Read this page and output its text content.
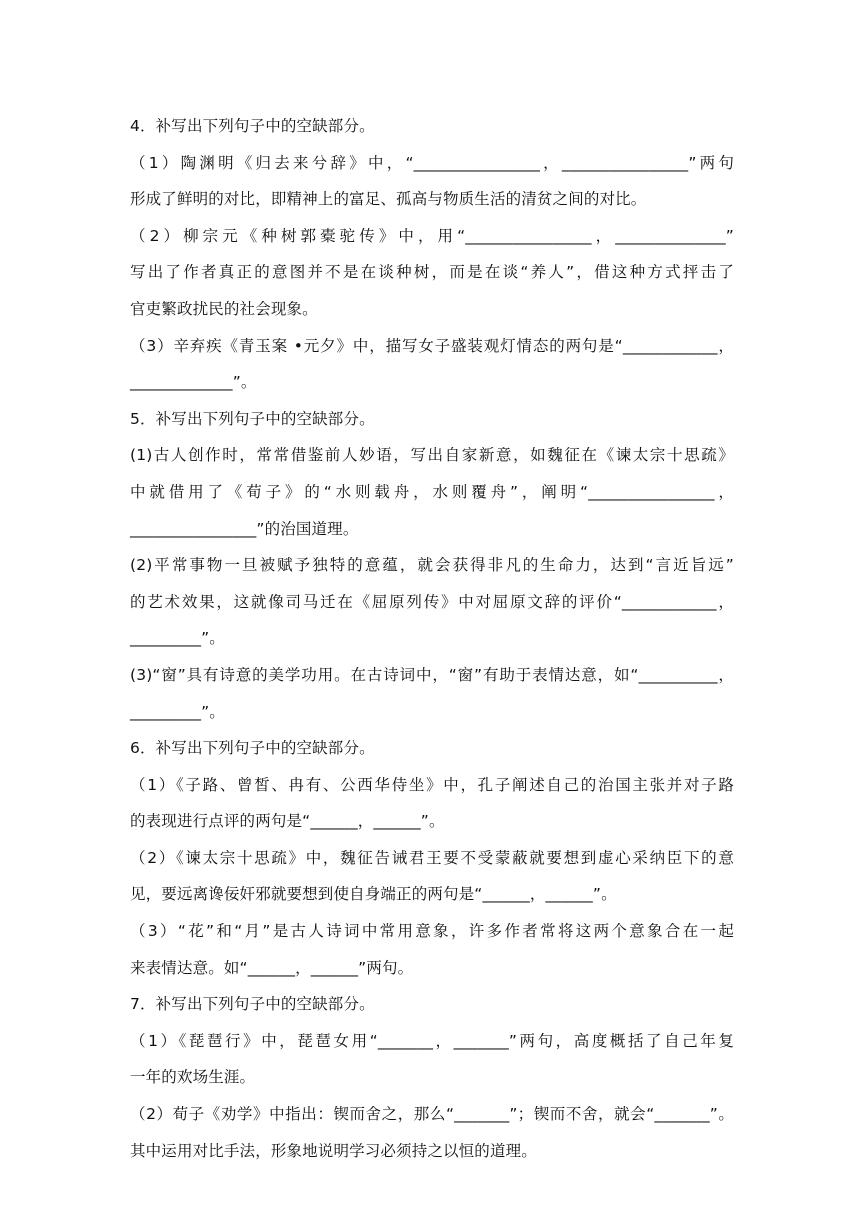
4．补写出下列句子中的空缺部分。

（1）陶渊明《归去来兮辞》中，“________________，________________”两句

形成了鲜明的对比，即精神上的富足、孤高与物质生活的清贫之间的对比。

（2）柳宗元《种树郭橐驼传》中，用“________________，______________”

写出了作者真正的意图并不是在谈种树，而是在谈“养人”，借这种方式抨击了

官吏繁政扰民的社会现象。

（3）辛弃疾《青玉案 •元夕》中，描写女子盛装观灯情态的两句是“____________，

_____________”。

5．补写出下列句子中的空缺部分。

(1)古人创作时，常常借鉴前人妙语，写出自家新意，如魏征在《谏太宗十思疏》

中就借用了《荀子》的“水则载舟，水则覆舟”，阐明“________________，

________________”的治国道理。

(2)平常事物一旦被赋予独特的意蕴，就会获得非凡的生命力，达到“言近旨远”

的艺术效果，这就像司马迁在《屈原列传》中对屈原文辞的评价“____________，

_________”。

(3)“窗”具有诗意的美学功用。在古诗词中，“窗”有助于表情达意，如“__________，

_________”。

6．补写出下列句子中的空缺部分。

（1）《子路、曾皙、冉有、公西华侍坐》中，孔子阐述自己的治国主张并对子路

的表现进行点评的两句是“______，______”。

（2）《谏太宗十思疏》中，魏征告诫君王要不受蒙蔽就要想到虚心采纳臣下的意

见，要远离谗佞奸邪就要想到使自身端正的两句是“______，______”。

（3）“花”和“月”是古人诗词中常用意象，许多作者常将这两个意象合在一起

来表情达意。如“______，______”两句。

7．补写出下列句子中的空缺部分。

（1）《琵琶行》中，琵琶女用“_______，_______”两句，高度概括了自己年复

一年的欢场生涯。

（2）荀子《劝学》中指出：锲而舍之，那么“_______”；锲而不舍，就会“_______”。

其中运用对比手法，形象地说明学习必须持之以恒的道理。
